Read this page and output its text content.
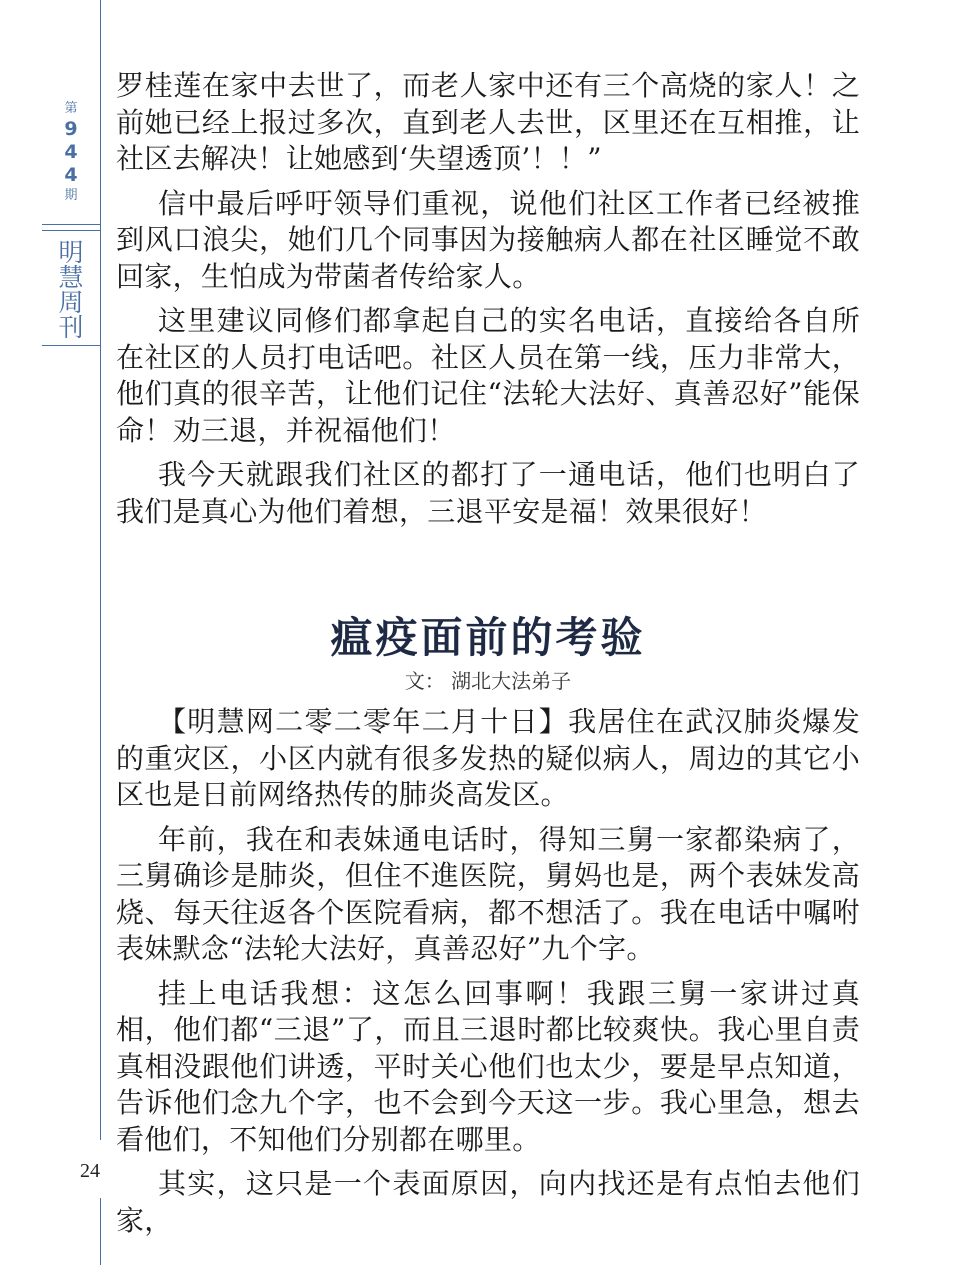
第
9
4
4
期
明
慧
周
刊
24

罗桂莲在家中去世了，而老人家中还有三个高烧的家人！之前她已经上报过多次，直到老人去世，区里还在互相推，让社区去解决！让她感到‘失望透顶’！！”

信中最后呼吁领导们重视，说他们社区工作者已经被推到风口浪尖，她们几个同事因为接触病人都在社区睡觉不敢回家，生怕成为带菌者传给家人。

这里建议同修们都拿起自己的实名电话，直接给各自所在社区的人员打电话吧。社区人员在第一线，压力非常大，他们真的很辛苦，让他们记住“法轮大法好、真善忍好”能保命！劝三退，并祝福他们！

我今天就跟我们社区的都打了一通电话，他们也明白了我们是真心为他们着想，三退平安是福！效果很好！

瘟疫面前的考验
文： 湖北大法弟子

【明慧网二零二零年二月十日】我居住在武汉肺炎爆发的重灾区，小区内就有很多发热的疑似病人，周边的其它小区也是日前网络热传的肺炎高发区。

年前，我在和表妹通电话时，得知三舅一家都染病了，三舅确诊是肺炎，但住不進医院，舅妈也是，两个表妹发高烧、每天往返各个医院看病，都不想活了。我在电话中嘱咐表妹默念“法轮大法好，真善忍好”九个字。

挂上电话我想：这怎么回事啊！我跟三舅一家讲过真相，他们都“三退”了，而且三退时都比较爽快。我心里自责真相没跟他们讲透，平时关心他们也太少，要是早点知道，告诉他们念九个字，也不会到今天这一步。我心里急，想去看他们，不知他们分别都在哪里。

其实，这只是一个表面原因，向内找还是有点怕去他们家，
